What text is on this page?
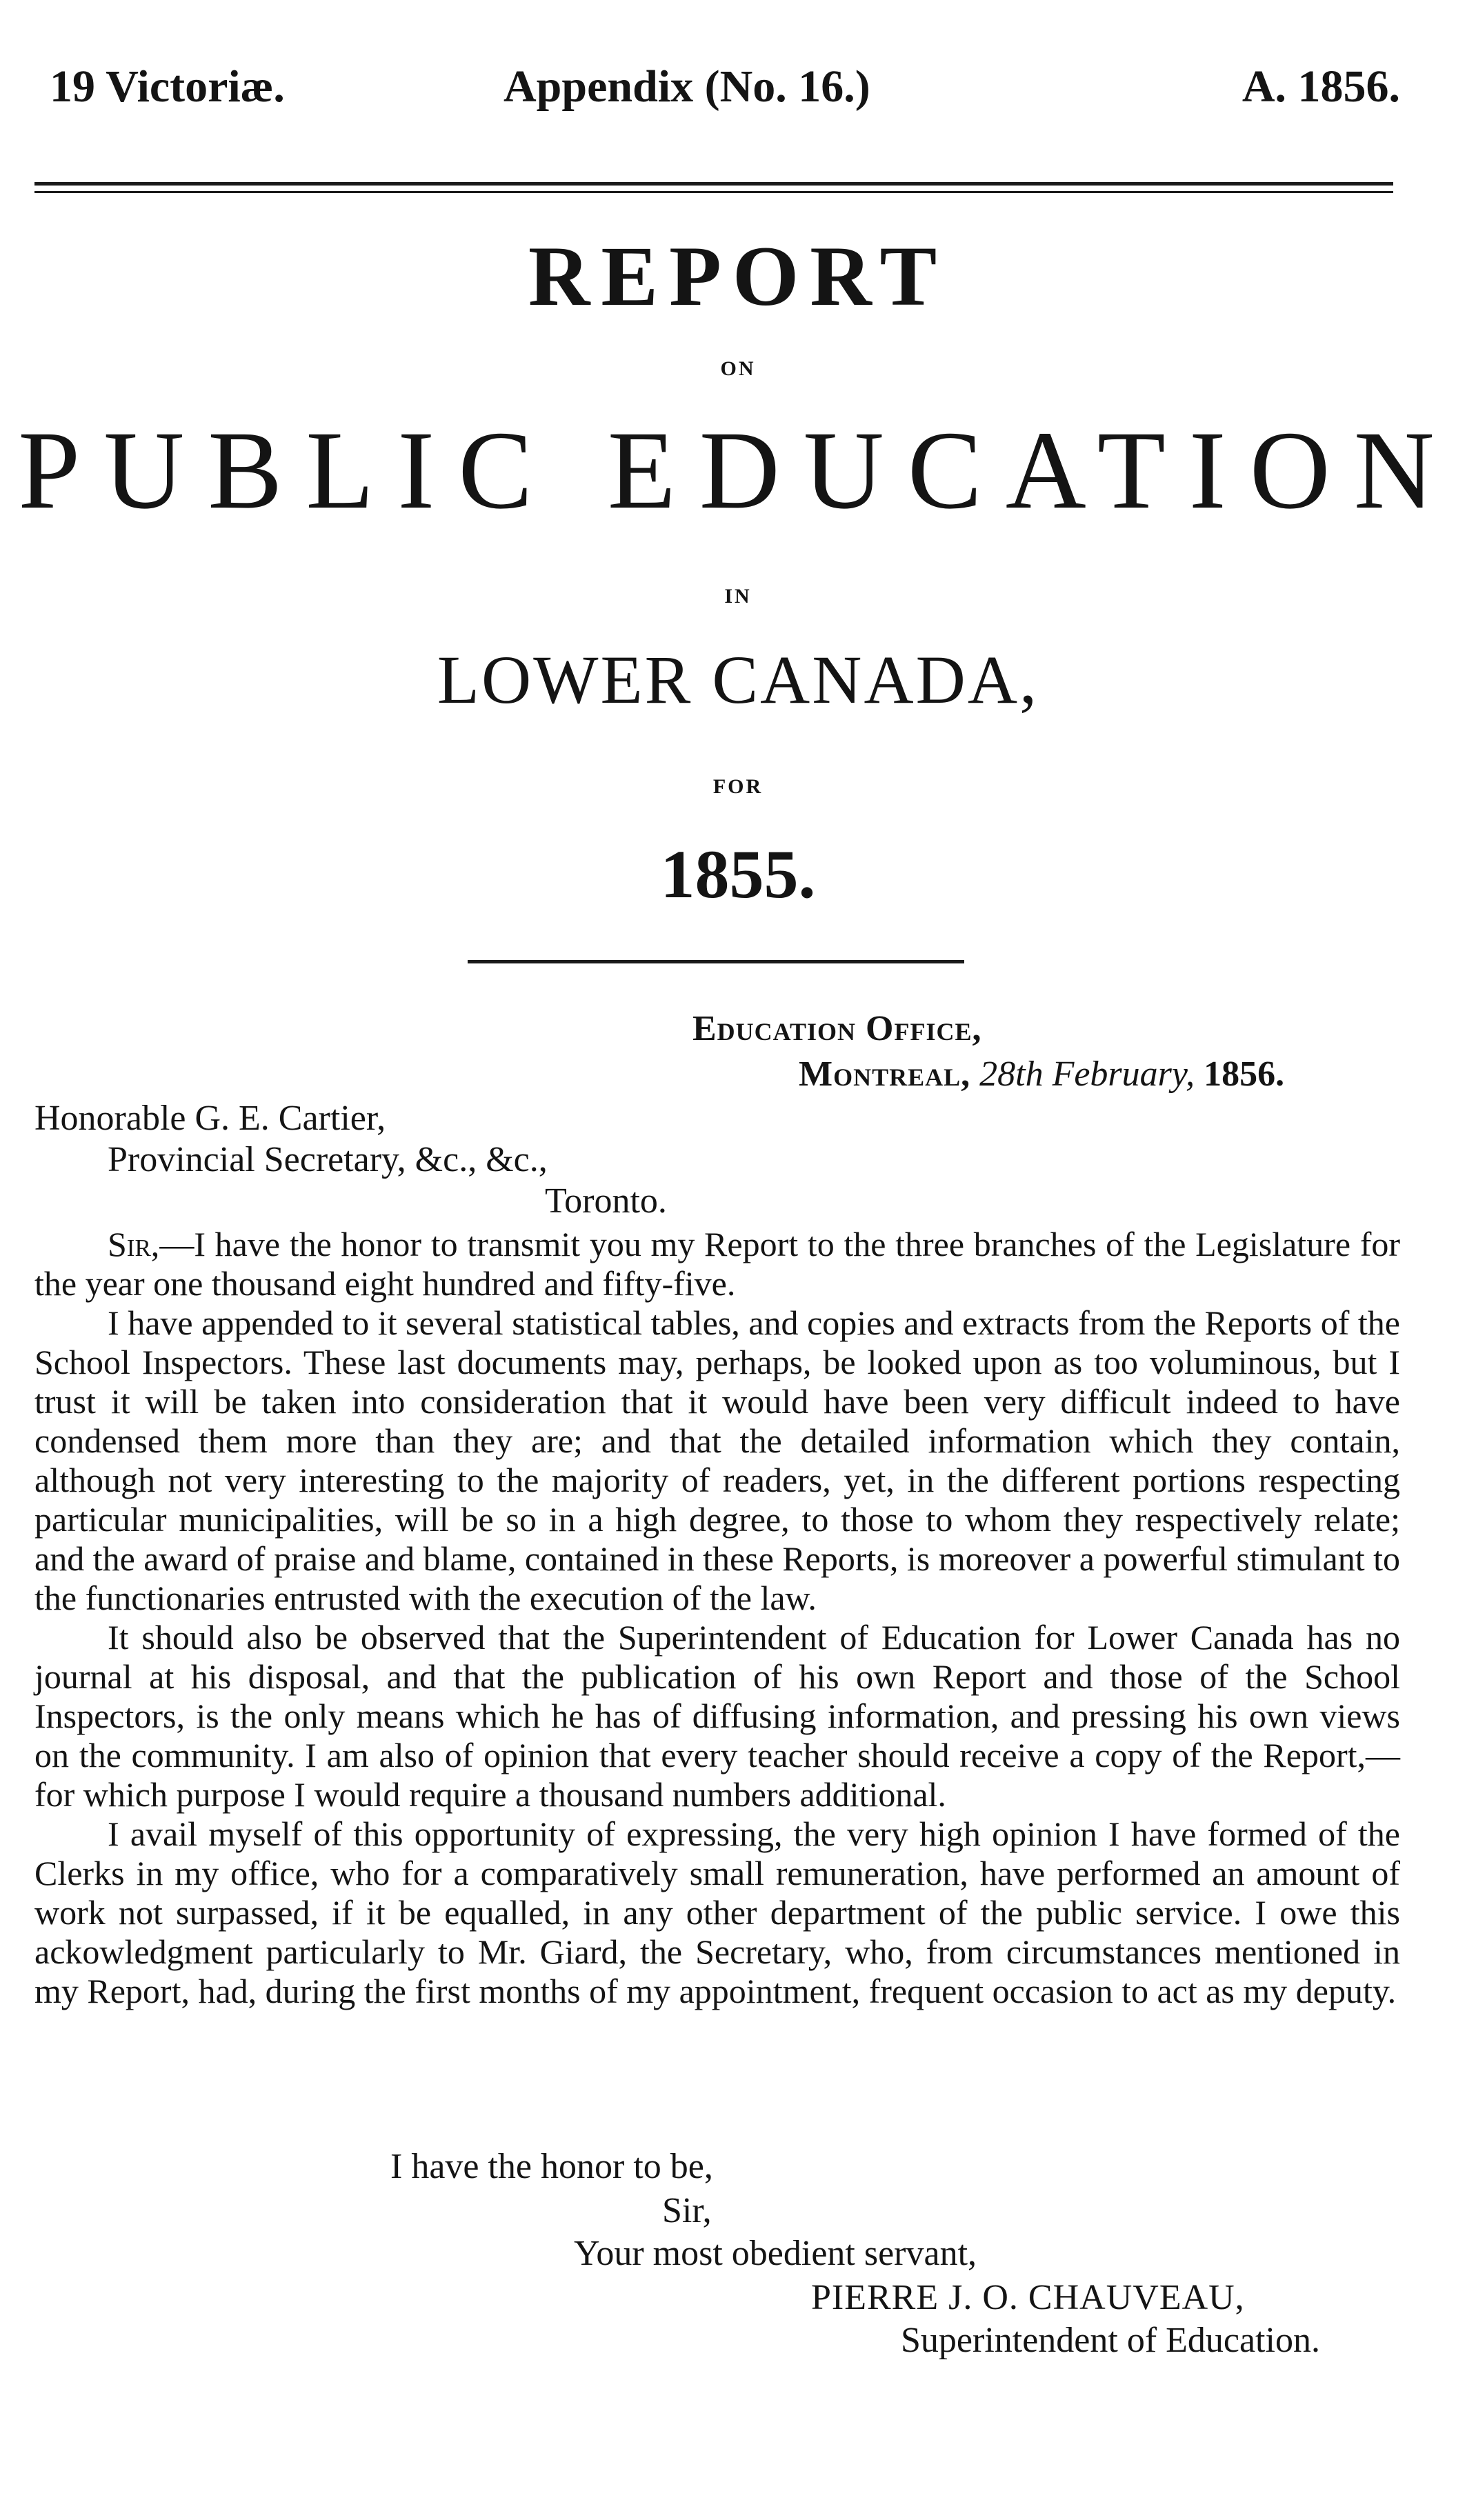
19 Victoriæ.	Appendix (No. 16.)	A. 1856.
REPORT
ON
PUBLIC EDUCATION
IN
LOWER CANADA,
FOR
1855.
Education Office,
Montreal, 28th February, 1856.
Honorable G. E. Cartier,
Provincial Secretary, &c., &c.,
Toronto.

Sir,—I have the honor to transmit you my Report to the three branches of the Legislature for the year one thousand eight hundred and fifty-five.

I have appended to it several statistical tables, and copies and extracts from the Reports of the School Inspectors. These last documents may, perhaps, be looked upon as too voluminous, but I trust it will be taken into consideration that it would have been very difficult indeed to have condensed them more than they are; and that the detailed information which they contain, although not very interesting to the majority of readers, yet, in the different portions respecting particular municipalities, will be so in a high degree, to those to whom they respectively relate; and the award of praise and blame, contained in these Reports, is moreover a powerful stimulant to the functionaries entrusted with the execution of the law.

It should also be observed that the Superintendent of Education for Lower Canada has no journal at his disposal, and that the publication of his own Report and those of the School Inspectors, is the only means which he has of diffusing information, and pressing his own views on the community. I am also of opinion that every teacher should receive a copy of the Report,—for which purpose I would require a thousand numbers additional.

I avail myself of this opportunity of expressing, the very high opinion I have formed of the Clerks in my office, who for a comparatively small remuneration, have performed an amount of work not surpassed, if it be equalled, in any other department of the public service. I owe this ackowledgment particularly to Mr. Giard, the Secretary, who, from circumstances mentioned in my Report, had, during the first months of my appointment, frequent occasion to act as my deputy.

I have the honor to be,
Sir,
Your most obedient servant,
PIERRE J. O. CHAUVEAU,
Superintendent of Education.
